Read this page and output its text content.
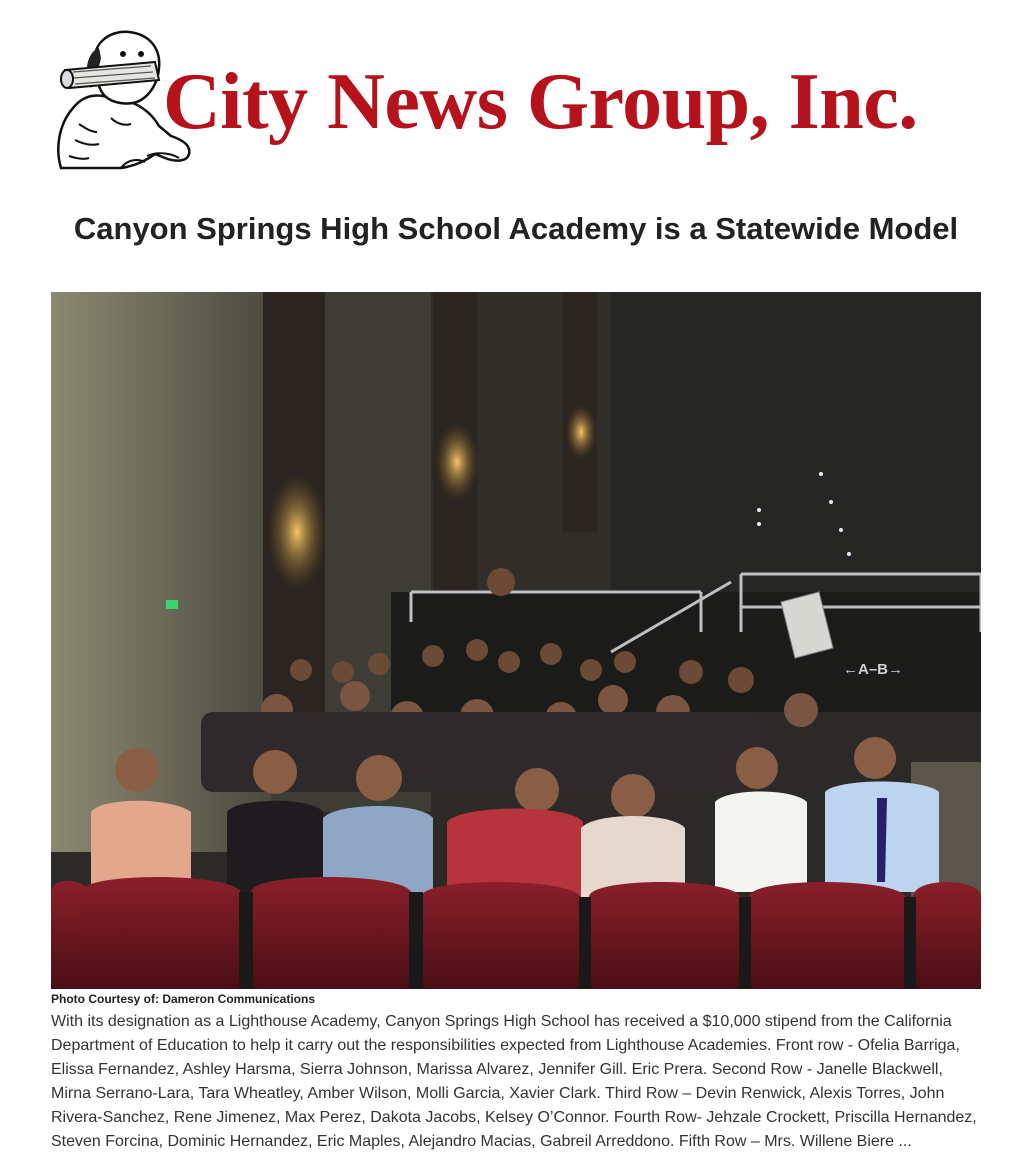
City News Group, Inc.
Canyon Springs High School Academy is a Statewide Model
←A–B→
Photo Courtesy of: Dameron Communications

With its designation as a Lighthouse Academy, Canyon Springs High School has received a $10,000 stipend from the California Department of Education to help it carry out the responsibilities expected from Lighthouse Academies. Front row - Ofelia Barriga, Elissa Fernandez, Ashley Harsma, Sierra Johnson, Marissa Alvarez, Jennifer Gill. Eric Prera. Second Row - Janelle Blackwell, Mirna Serrano-Lara, Tara Wheatley, Amber Wilson, Molli Garcia, Xavier Clark. Third Row – Devin Renwick, Alexis Torres, John Rivera-Sanchez, Rene Jimenez, Max Perez, Dakota Jacobs, Kelsey O’Connor. Fourth Row- Jehzale Crockett, Priscilla Hernandez, Steven Forcina, Dominic Hernandez, Eric Maples, Alejandro Macias, Gabreil Arreddono. Fifth Row – Mrs. Willene Biere ...
